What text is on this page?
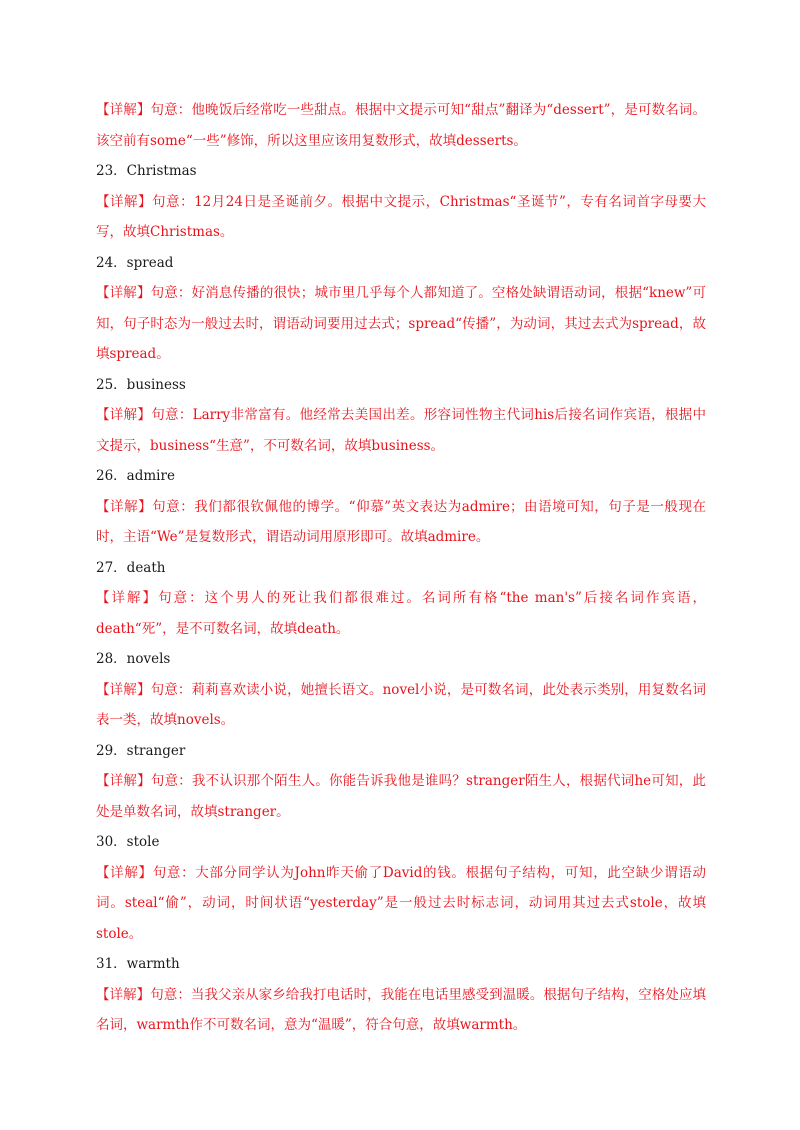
【详解】句意：他晚饭后经常吃一些甜点。根据中文提示可知“甜点”翻译为“dessert”，是可数名词。该空前有some“一些”修饰，所以这里应该用复数形式，故填desserts。

23．Christmas

【详解】句意：12月24日是圣诞前夕。根据中文提示，Christmas“圣诞节”，专有名词首字母要大写，故填Christmas。

24．spread

【详解】句意：好消息传播的很快；城市里几乎每个人都知道了。空格处缺谓语动词，根据“knew”可知，句子时态为一般过去时，谓语动词要用过去式；spread“传播”，为动词，其过去式为spread，故填spread。

25．business

【详解】句意：Larry非常富有。他经常去美国出差。形容词性物主代词his后接名词作宾语，根据中文提示，business“生意”，不可数名词，故填business。

26．admire

【详解】句意：我们都很钦佩他的博学。“仰慕”英文表达为admire；由语境可知，句子是一般现在时，主语“We”是复数形式，谓语动词用原形即可。故填admire。

27．death

【详解】句意：这个男人的死让我们都很难过。名词所有格“the man's”后接名词作宾语，death“死”，是不可数名词，故填death。

28．novels

【详解】句意：莉莉喜欢读小说，她擅长语文。novel小说，是可数名词，此处表示类别，用复数名词表一类，故填novels。

29．stranger

【详解】句意：我不认识那个陌生人。你能告诉我他是谁吗？stranger陌生人，根据代词he可知，此处是单数名词，故填stranger。

30．stole

【详解】句意：大部分同学认为John昨天偷了David的钱。根据句子结构，可知，此空缺少谓语动词。steal“偷”，动词，时间状语“yesterday”是一般过去时标志词，动词用其过去式stole，故填stole。

31．warmth

【详解】句意：当我父亲从家乡给我打电话时，我能在电话里感受到温暖。根据句子结构，空格处应填名词，warmth作不可数名词，意为“温暖”，符合句意，故填warmth。
